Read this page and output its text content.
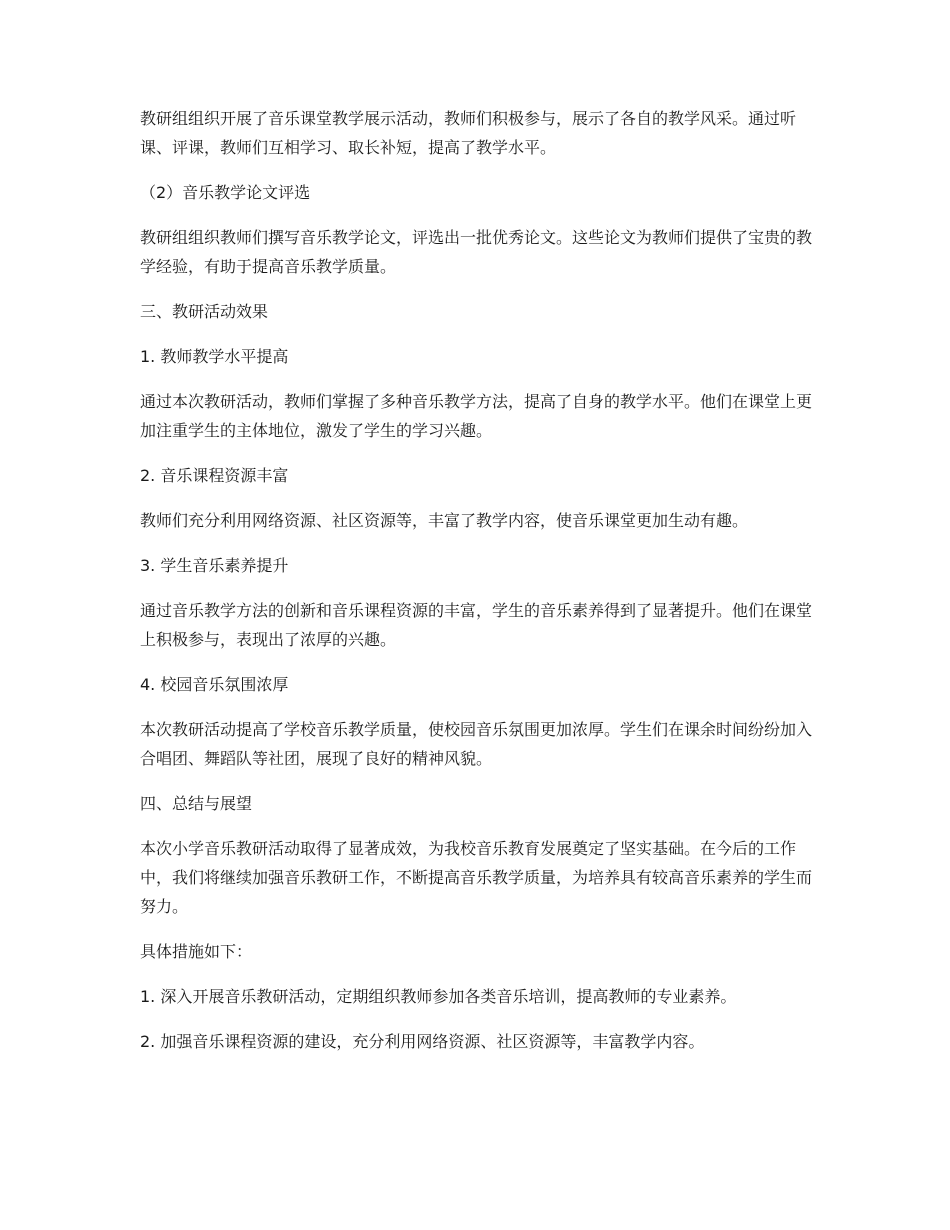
教研组组织开展了音乐课堂教学展示活动，教师们积极参与，展示了各自的教学风采。通过听课、评课，教师们互相学习、取长补短，提高了教学水平。

（2）音乐教学论文评选

教研组组织教师们撰写音乐教学论文，评选出一批优秀论文。这些论文为教师们提供了宝贵的教学经验，有助于提高音乐教学质量。

三、教研活动效果

1. 教师教学水平提高

通过本次教研活动，教师们掌握了多种音乐教学方法，提高了自身的教学水平。他们在课堂上更加注重学生的主体地位，激发了学生的学习兴趣。

2. 音乐课程资源丰富

教师们充分利用网络资源、社区资源等，丰富了教学内容，使音乐课堂更加生动有趣。

3. 学生音乐素养提升

通过音乐教学方法的创新和音乐课程资源的丰富，学生的音乐素养得到了显著提升。他们在课堂上积极参与，表现出了浓厚的兴趣。

4. 校园音乐氛围浓厚

本次教研活动提高了学校音乐教学质量，使校园音乐氛围更加浓厚。学生们在课余时间纷纷加入合唱团、舞蹈队等社团，展现了良好的精神风貌。

四、总结与展望

本次小学音乐教研活动取得了显著成效，为我校音乐教育发展奠定了坚实基础。在今后的工作中，我们将继续加强音乐教研工作，不断提高音乐教学质量，为培养具有较高音乐素养的学生而努力。

具体措施如下：

1. 深入开展音乐教研活动，定期组织教师参加各类音乐培训，提高教师的专业素养。

2. 加强音乐课程资源的建设，充分利用网络资源、社区资源等，丰富教学内容。
